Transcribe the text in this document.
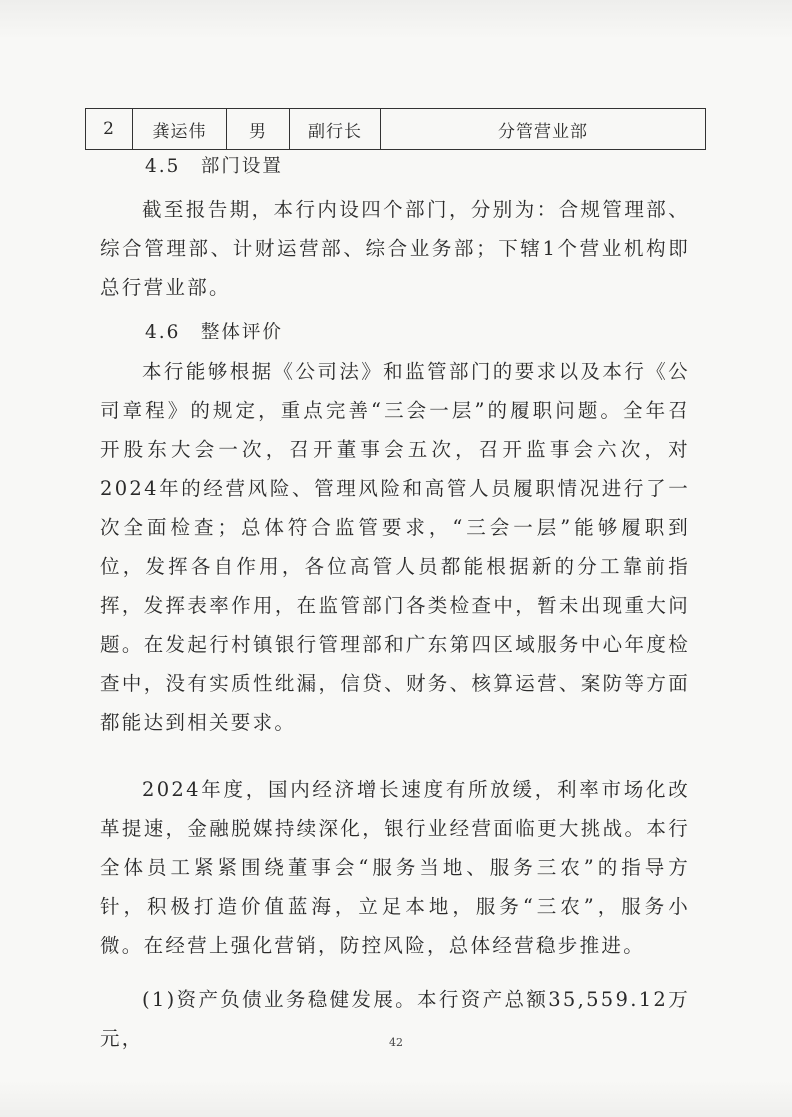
2	龚运伟	男	副行长	分管营业部
4.5　部门设置

截至报告期，本行内设四个部门，分别为：合规管理部、综合管理部、计财运营部、综合业务部；下辖1个营业机构即总行营业部。

4.6　整体评价

本行能够根据《公司法》和监管部门的要求以及本行《公司章程》的规定，重点完善“三会一层”的履职问题。全年召开股东大会一次，召开董事会五次，召开监事会六次，对2024年的经营风险、管理风险和高管人员履职情况进行了一次全面检查；总体符合监管要求，“三会一层”能够履职到位，发挥各自作用，各位高管人员都能根据新的分工靠前指挥，发挥表率作用，在监管部门各类检查中，暂未出现重大问题。在发起行村镇银行管理部和广东第四区域服务中心年度检查中，没有实质性纰漏，信贷、财务、核算运营、案防等方面都能达到相关要求。

2024年度，国内经济增长速度有所放缓，利率市场化改革提速，金融脱媒持续深化，银行业经营面临更大挑战。本行全体员工紧紧围绕董事会“服务当地、服务三农”的指导方针，积极打造价值蓝海，立足本地，服务“三农”，服务小微。在经营上强化营销，防控风险，总体经营稳步推进。

(1)资产负债业务稳健发展。本行资产总额35,559.12万元，	42
